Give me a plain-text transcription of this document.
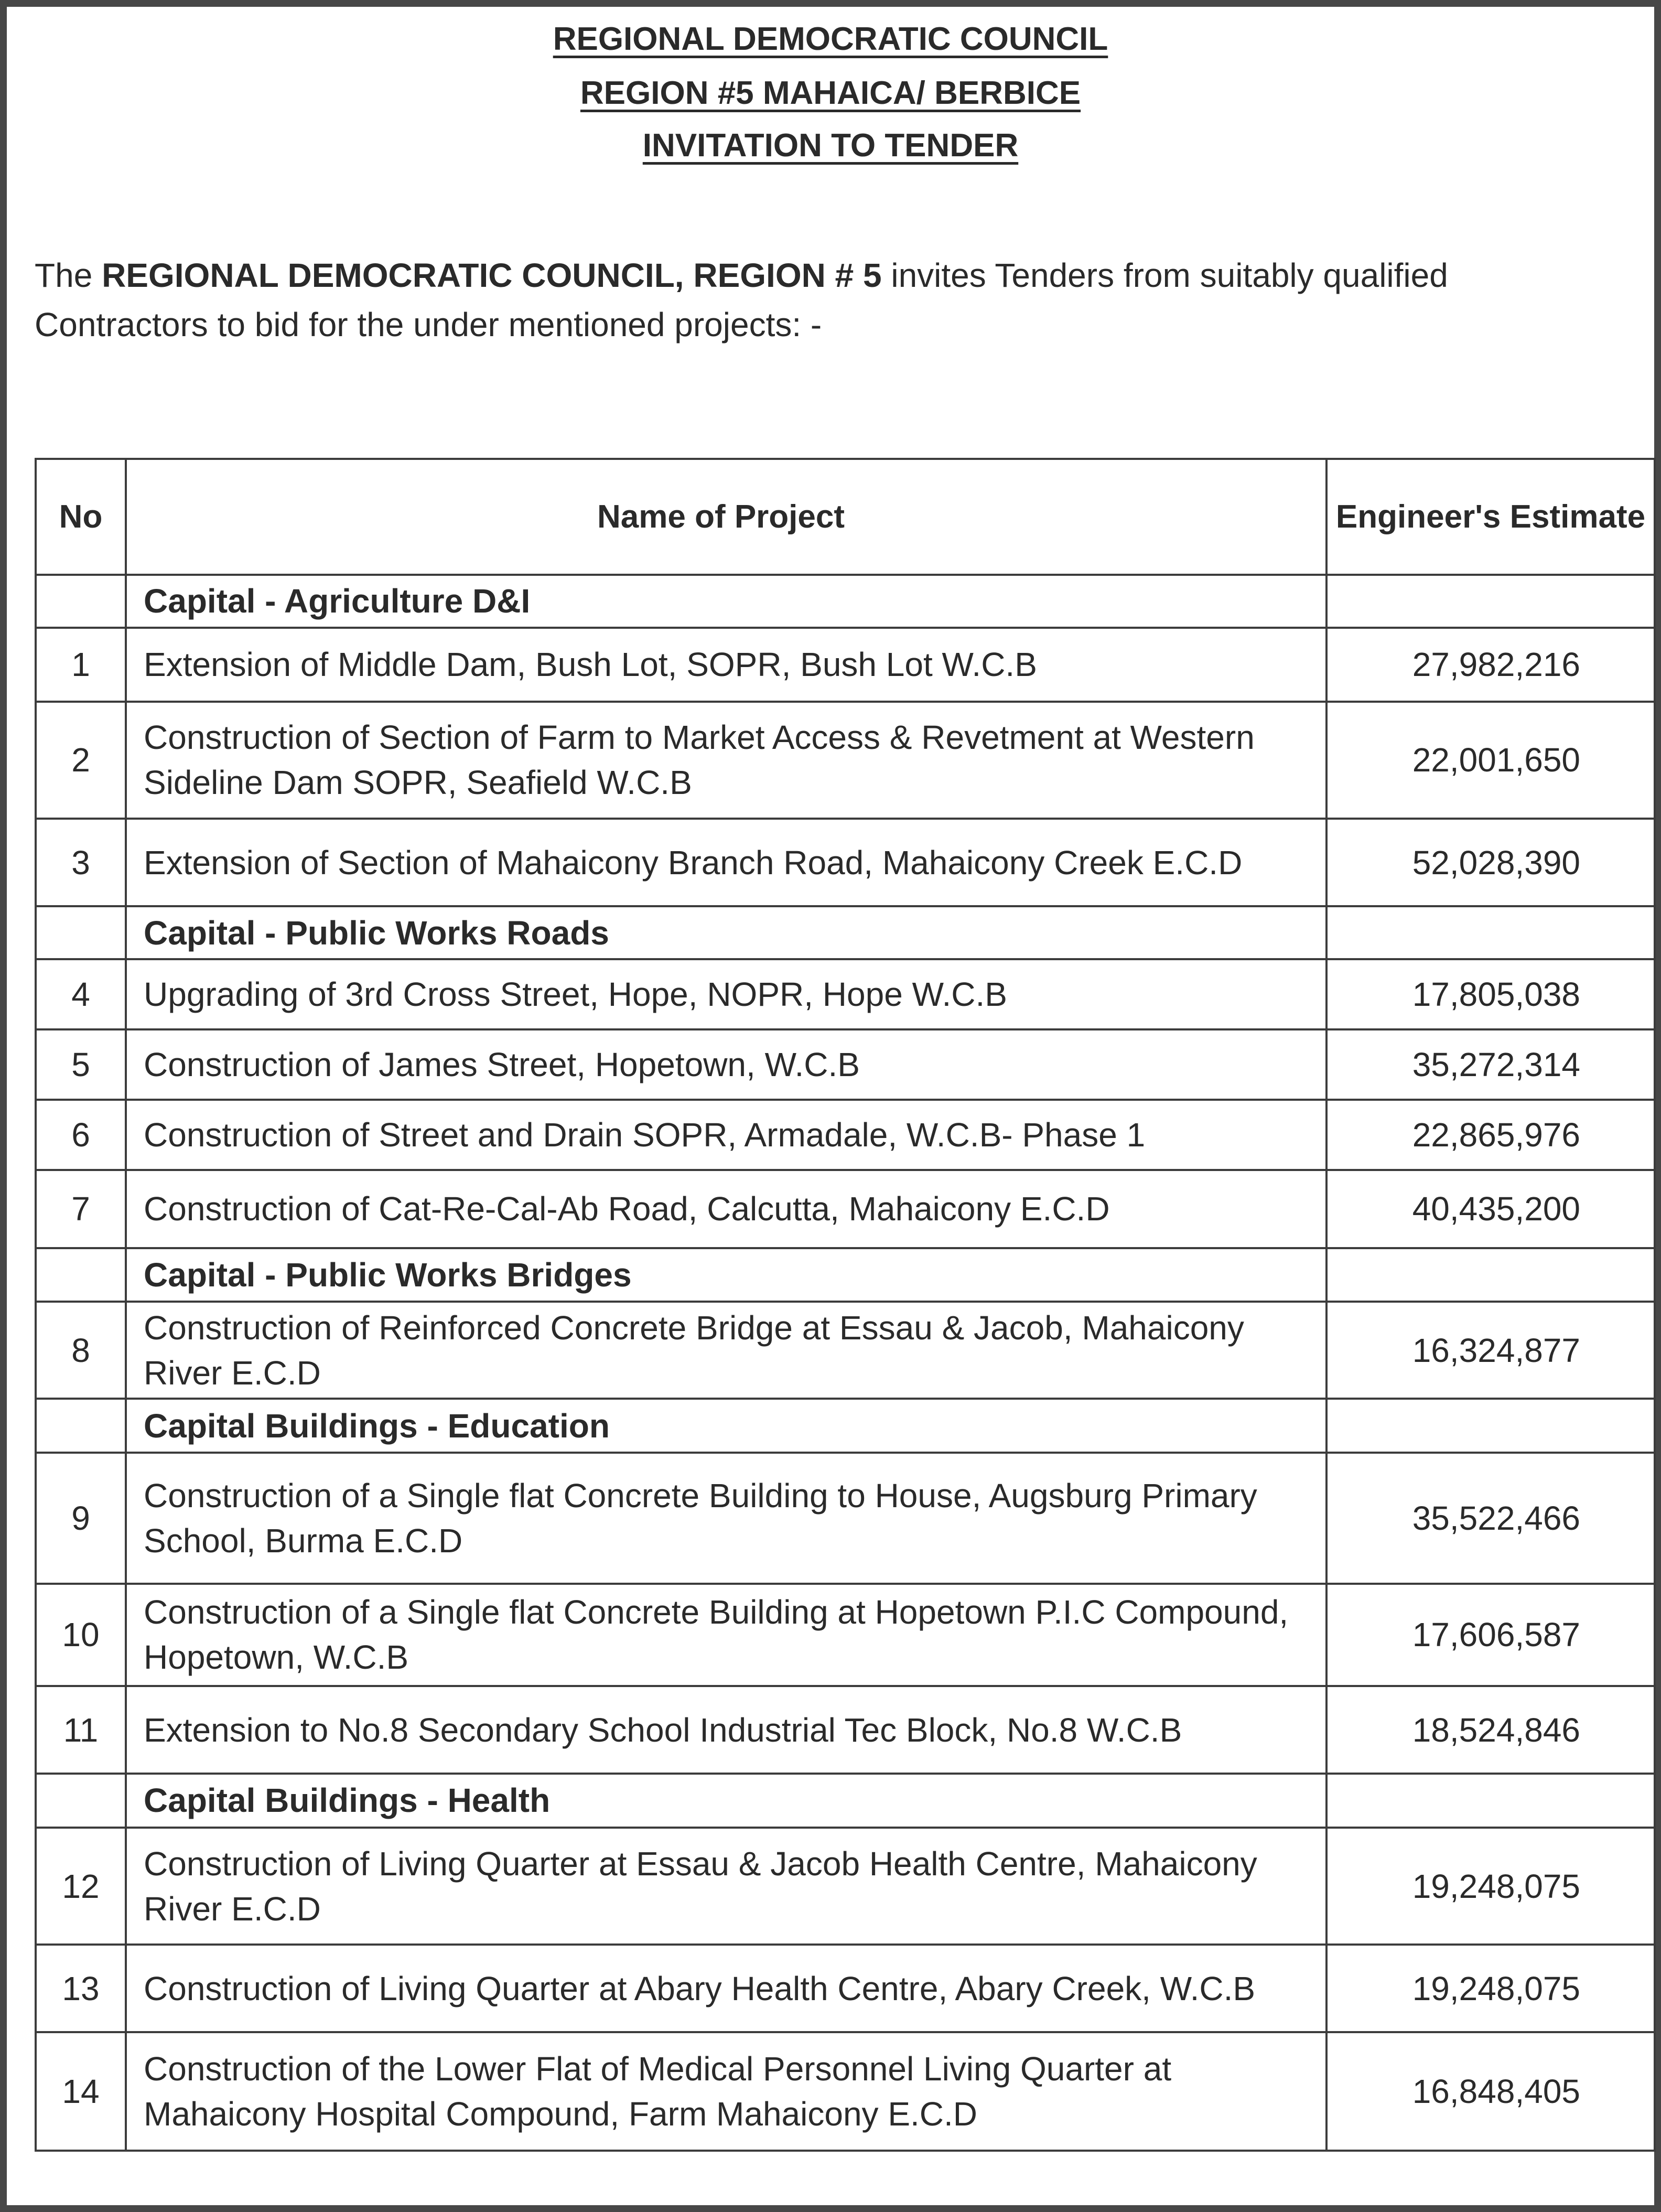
REGIONAL DEMOCRATIC COUNCIL
REGION #5 MAHAICA/ BERBICE
INVITATION TO TENDER
The REGIONAL DEMOCRATIC COUNCIL, REGION # 5 invites Tenders from suitably qualified Contractors to bid for the under mentioned projects: -
No	Name of Project	Engineer's Estimate
	Capital - Agriculture D&I	
1	Extension of Middle Dam, Bush Lot, SOPR, Bush Lot W.C.B	27,982,216
2	Construction of Section of Farm to Market Access & Revetment at Western Sideline Dam SOPR, Seafield W.C.B	22,001,650
3	Extension of Section of Mahaicony Branch Road, Mahaicony Creek E.C.D	52,028,390
	Capital - Public Works Roads	
4	Upgrading of 3rd Cross Street, Hope, NOPR, Hope W.C.B	17,805,038
5	Construction of James Street, Hopetown, W.C.B	35,272,314
6	Construction of Street and Drain SOPR, Armadale, W.C.B- Phase 1	22,865,976
7	Construction of Cat-Re-Cal-Ab Road, Calcutta, Mahaicony E.C.D	40,435,200
	Capital - Public Works Bridges	
8	Construction of Reinforced Concrete Bridge at Essau & Jacob, Mahaicony River E.C.D	16,324,877
	Capital Buildings - Education	
9	Construction of a Single flat Concrete Building to House, Augsburg Primary School, Burma E.C.D	35,522,466
10	Construction of a Single flat Concrete Building at Hopetown P.I.C Compound, Hopetown, W.C.B	17,606,587
11	Extension to No.8 Secondary School Industrial Tec Block, No.8 W.C.B	18,524,846
	Capital Buildings - Health	
12	Construction of Living Quarter at Essau & Jacob Health Centre, Mahaicony River E.C.D	19,248,075
13	Construction of Living Quarter at Abary Health Centre, Abary Creek, W.C.B	19,248,075
14	Construction of the Lower Flat of Medical Personnel Living Quarter at Mahaicony Hospital Compound, Farm Mahaicony E.C.D	16,848,405
